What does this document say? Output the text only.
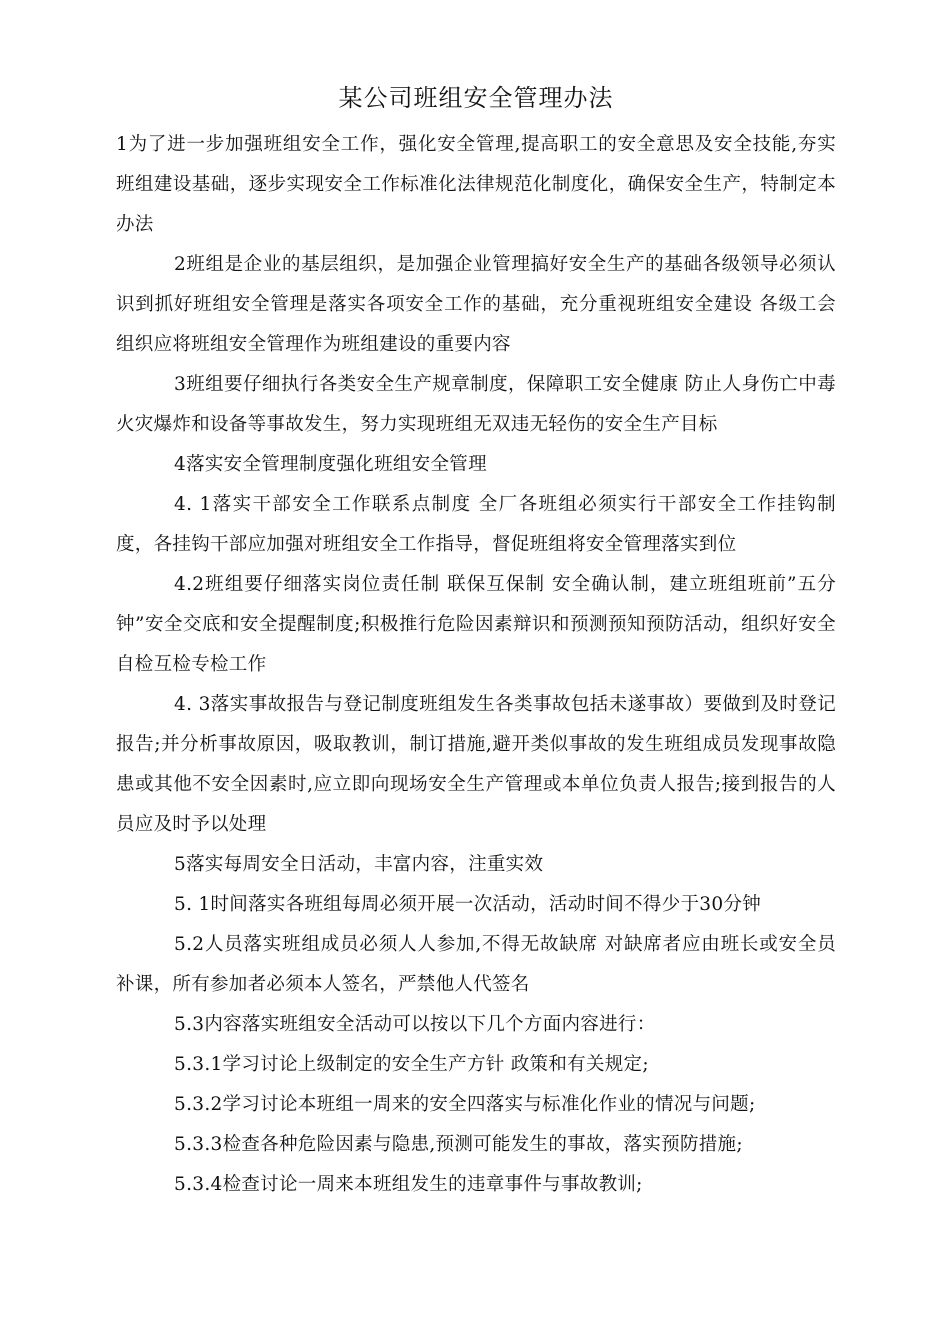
某公司班组安全管理办法

1为了进一步加强班组安全工作，强化安全管理,提高职工的安全意思及安全技能,夯实班组建设基础，逐步实现安全工作标准化法律规范化制度化，确保安全生产，特制定本办法

2班组是企业的基层组织，是加强企业管理搞好安全生产的基础各级领导必须认识到抓好班组安全管理是落实各项安全工作的基础，充分重视班组安全建设 各级工会组织应将班组安全管理作为班组建设的重要内容

3班组要仔细执行各类安全生产规章制度，保障职工安全健康 防止人身伤亡中毒火灾爆炸和设备等事故发生，努力实现班组无双违无轻伤的安全生产目标

4落实安全管理制度强化班组安全管理

4. 1落实干部安全工作联系点制度 全厂各班组必须实行干部安全工作挂钩制度，各挂钩干部应加强对班组安全工作指导，督促班组将安全管理落实到位

4.2班组要仔细落实岗位责任制 联保互保制 安全确认制，建立班组班前”五分钟”安全交底和安全提醒制度;积极推行危险因素辩识和预测预知预防活动，组织好安全自检互检专检工作

4. 3落实事故报告与登记制度班组发生各类事故包括未遂事故）要做到及时登记报告;并分析事故原因，吸取教训，制订措施,避开类似事故的发生班组成员发现事故隐患或其他不安全因素时,应立即向现场安全生产管理或本单位负责人报告;接到报告的人员应及时予以处理

5落实每周安全日活动，丰富内容，注重实效

5. 1时间落实各班组每周必须开展一次活动，活动时间不得少于30分钟

5.2人员落实班组成员必须人人参加,不得无故缺席 对缺席者应由班长或安全员补课，所有参加者必须本人签名，严禁他人代签名

5.3内容落实班组安全活动可以按以下几个方面内容进行：

5.3.1学习讨论上级制定的安全生产方针 政策和有关规定;

5.3.2学习讨论本班组一周来的安全四落实与标准化作业的情况与问题;

5.3.3检查各种危险因素与隐患,预测可能发生的事故，落实预防措施;

5.3.4检查讨论一周来本班组发生的违章事件与事故教训;
